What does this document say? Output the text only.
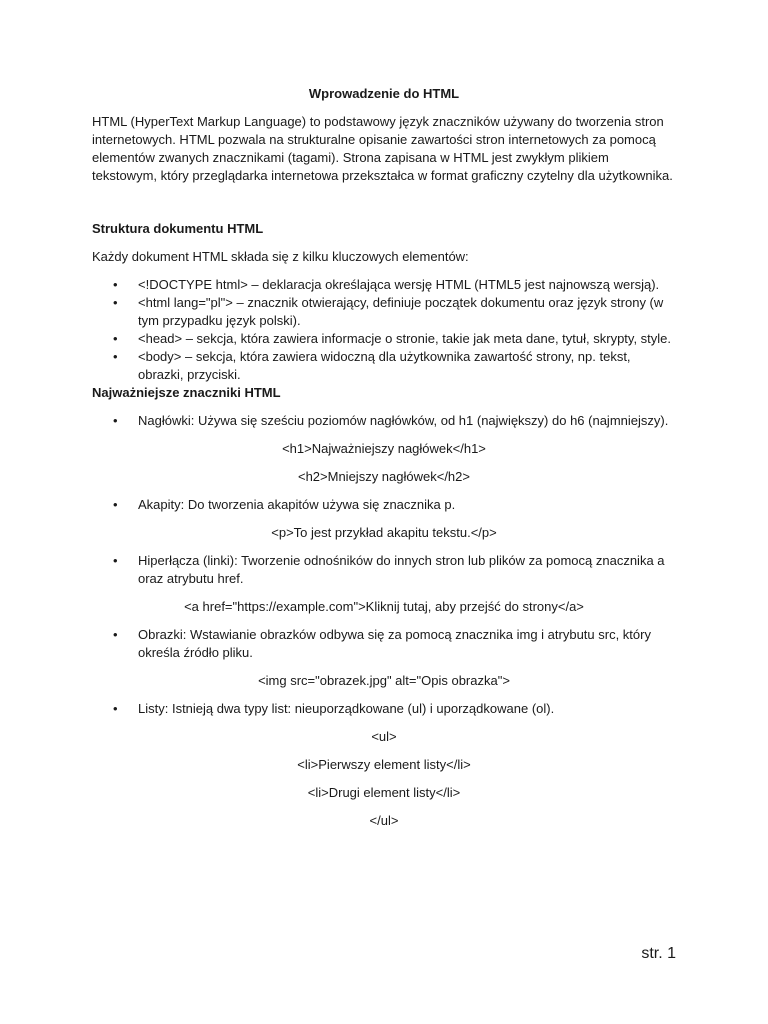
Wprowadzenie do HTML

HTML (HyperText Markup Language) to podstawowy język znaczników używany do tworzenia stron internetowych. HTML pozwala na strukturalne opisanie zawartości stron internetowych za pomocą elementów zwanych znacznikami (tagami). Strona zapisana w HTML jest zwykłym plikiem tekstowym, który przeglądarka internetowa przekształca w format graficzny czytelny dla użytkownika.

Struktura dokumentu HTML

Każdy dokument HTML składa się z kilku kluczowych elementów:

• <!DOCTYPE html> – deklaracja określająca wersję HTML (HTML5 jest najnowszą wersją).
• <html lang="pl"> – znacznik otwierający, definiuje początek dokumentu oraz język strony (w tym przypadku język polski).
• <head> – sekcja, która zawiera informacje o stronie, takie jak meta dane, tytuł, skrypty, style.
• <body> – sekcja, która zawiera widoczną dla użytkownika zawartość strony, np. tekst, obrazki, przyciski.
Najważniejsze znaczniki HTML
• Nagłówki: Używa się sześciu poziomów nagłówków, od h1 (największy) do h6 (najmniejszy).
<h1>Najważniejszy nagłówek</h1>
<h2>Mniejszy nagłówek</h2>
• Akapity: Do tworzenia akapitów używa się znacznika p.
<p>To jest przykład akapitu tekstu.</p>
• Hiperłącza (linki): Tworzenie odnośników do innych stron lub plików za pomocą znacznika a oraz atrybutu href.
<a href="https://example.com">Kliknij tutaj, aby przejść do strony</a>
• Obrazki: Wstawianie obrazków odbywa się za pomocą znacznika img i atrybutu src, który określa źródło pliku.
<img src="obrazek.jpg" alt="Opis obrazka">
• Listy: Istnieją dwa typy list: nieuporządkowane (ul) i uporządkowane (ol).
<ul>
<li>Pierwszy element listy</li>
<li>Drugi element listy</li>
</ul>
str. 1
